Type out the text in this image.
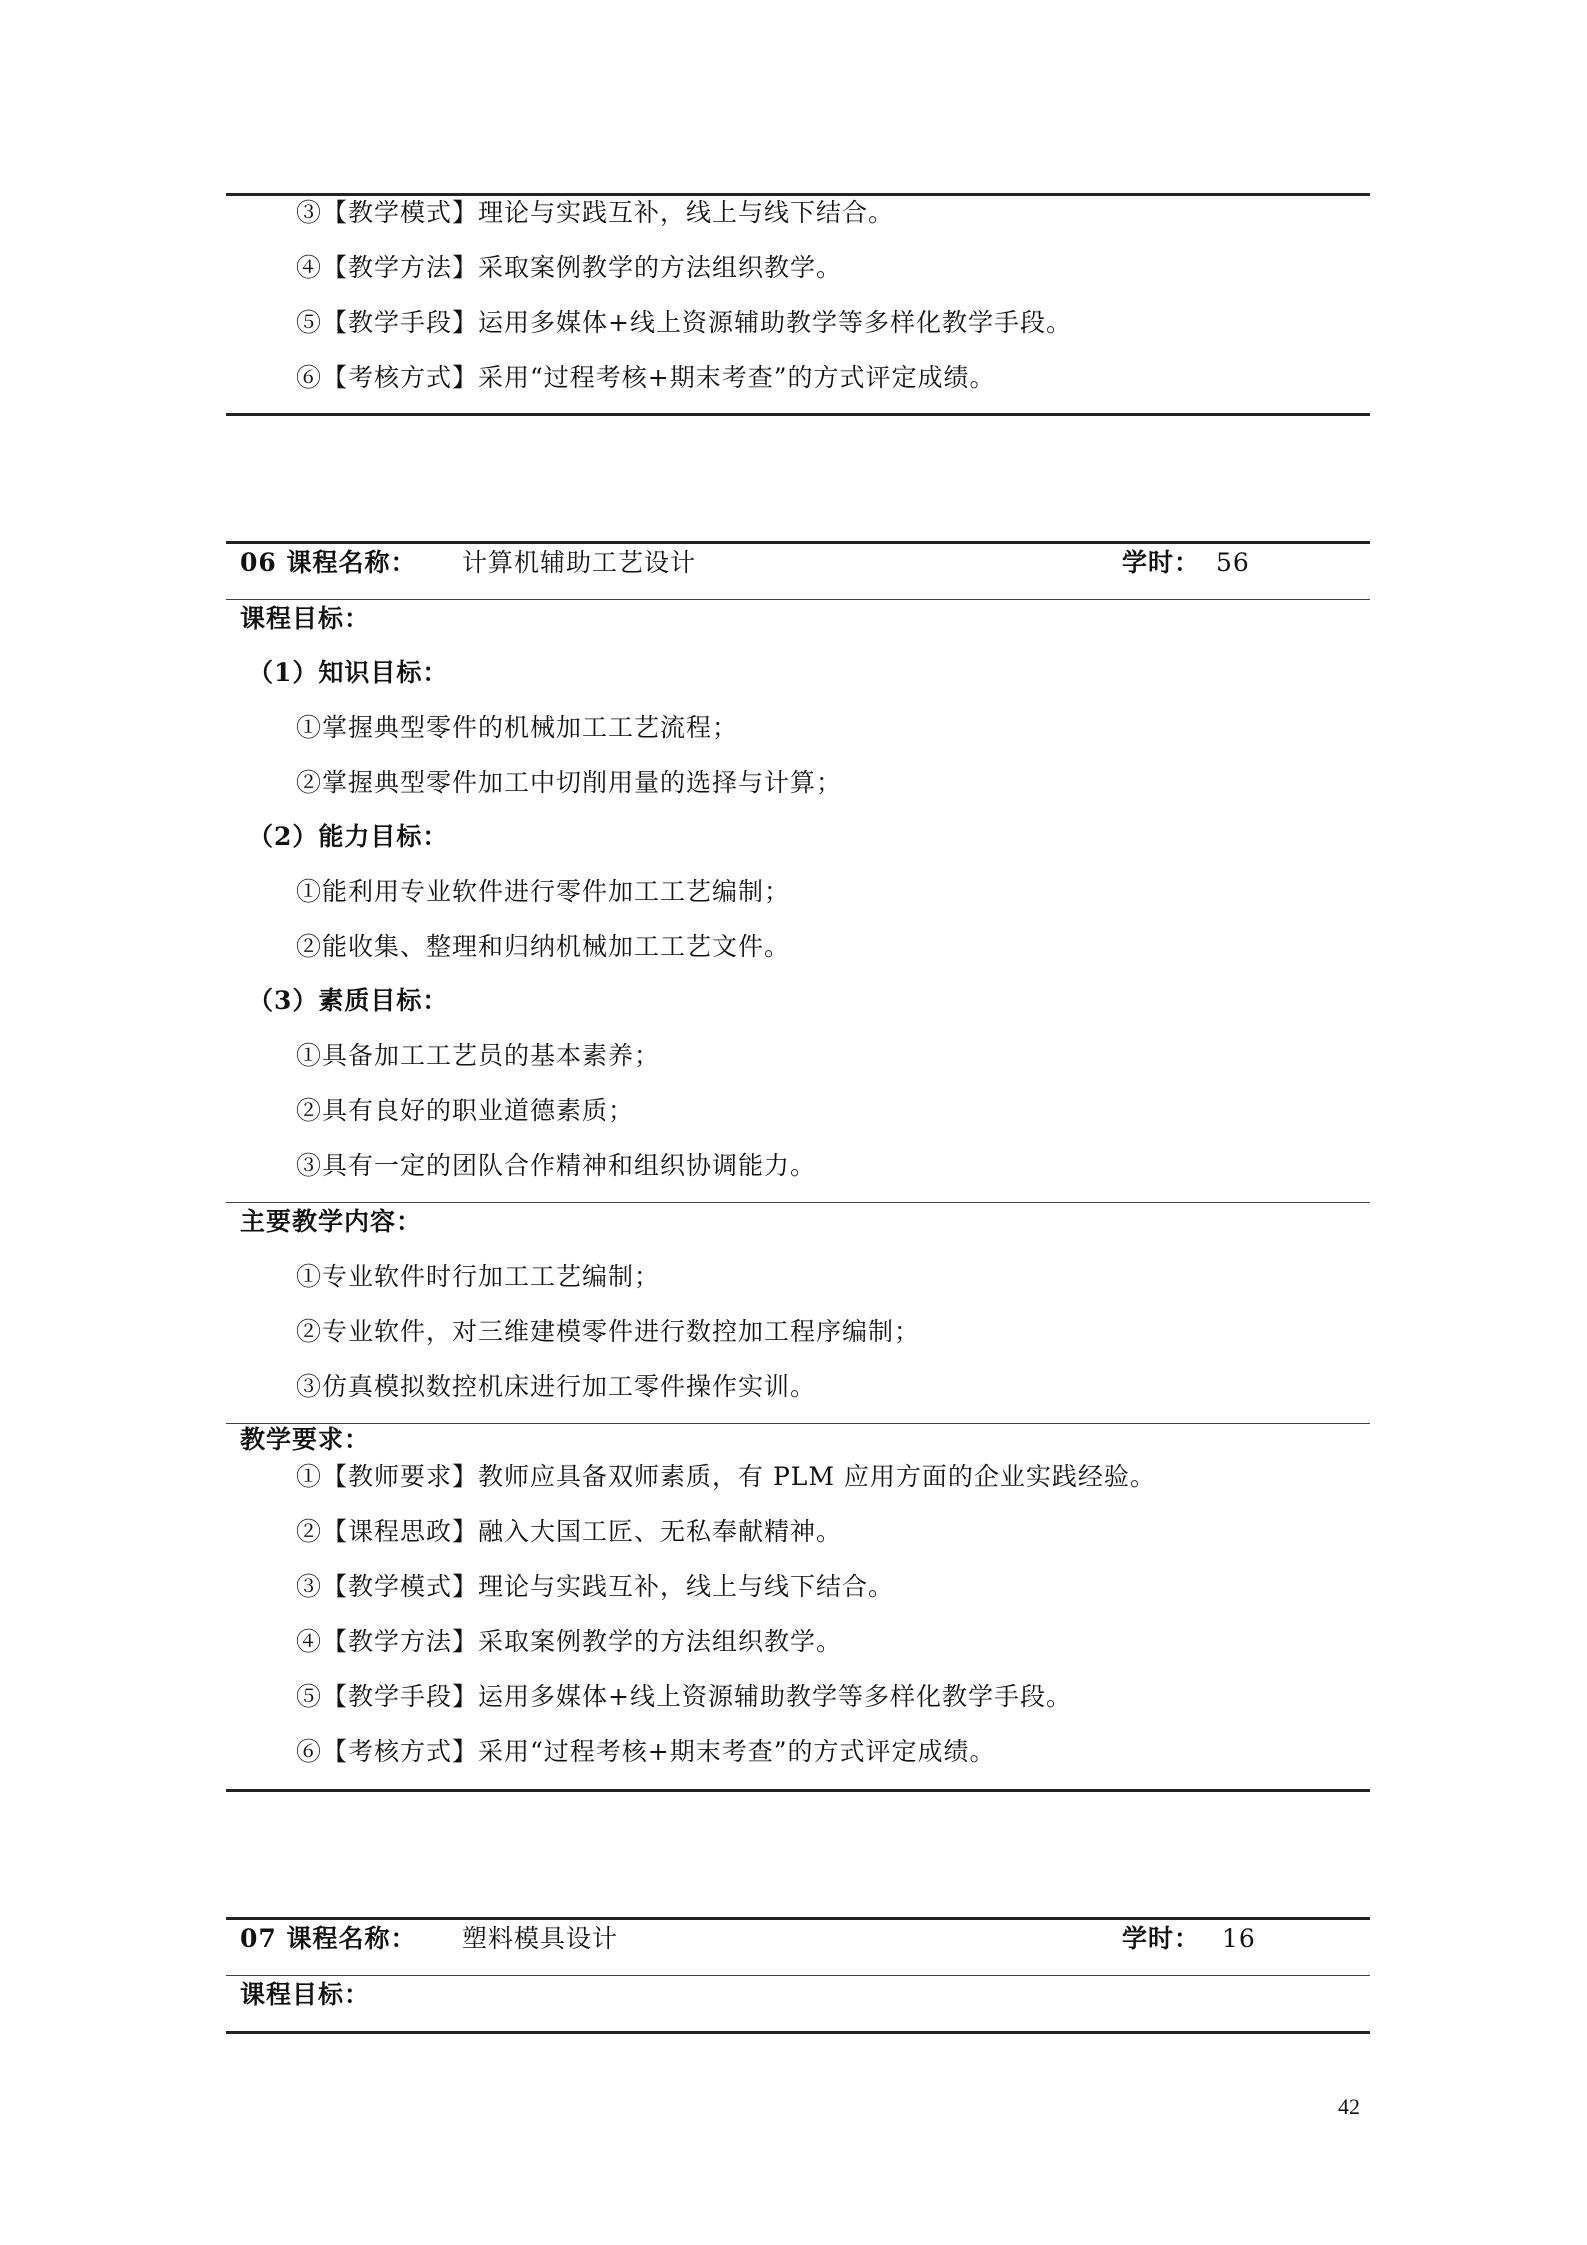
③【教学模式】理论与实践互补，线上与线下结合。
④【教学方法】采取案例教学的方法组织教学。
⑤【教学手段】运用多媒体+线上资源辅助教学等多样化教学手段。
⑥【考核方式】采用“过程考核+期末考查”的方式评定成绩。
06 课程名称： 计算机辅助工艺设计	学时： 56
课程目标：
（1）知识目标：
①掌握典型零件的机械加工工艺流程；
②掌握典型零件加工中切削用量的选择与计算；
（2）能力目标：
①能利用专业软件进行零件加工工艺编制；
②能收集、整理和归纳机械加工工艺文件。
（3）素质目标：
①具备加工工艺员的基本素养；
②具有良好的职业道德素质；
③具有一定的团队合作精神和组织协调能力。
主要教学内容：
①专业软件时行加工工艺编制；
②专业软件，对三维建模零件进行数控加工程序编制；
③仿真模拟数控机床进行加工零件操作实训。
教学要求：
①【教师要求】教师应具备双师素质，有 PLM 应用方面的企业实践经验。
②【课程思政】融入大国工匠、无私奉献精神。
③【教学模式】理论与实践互补，线上与线下结合。
④【教学方法】采取案例教学的方法组织教学。
⑤【教学手段】运用多媒体+线上资源辅助教学等多样化教学手段。
⑥【考核方式】采用“过程考核+期末考查”的方式评定成绩。
07 课程名称： 塑料模具设计	学时： 16
课程目标：
42
